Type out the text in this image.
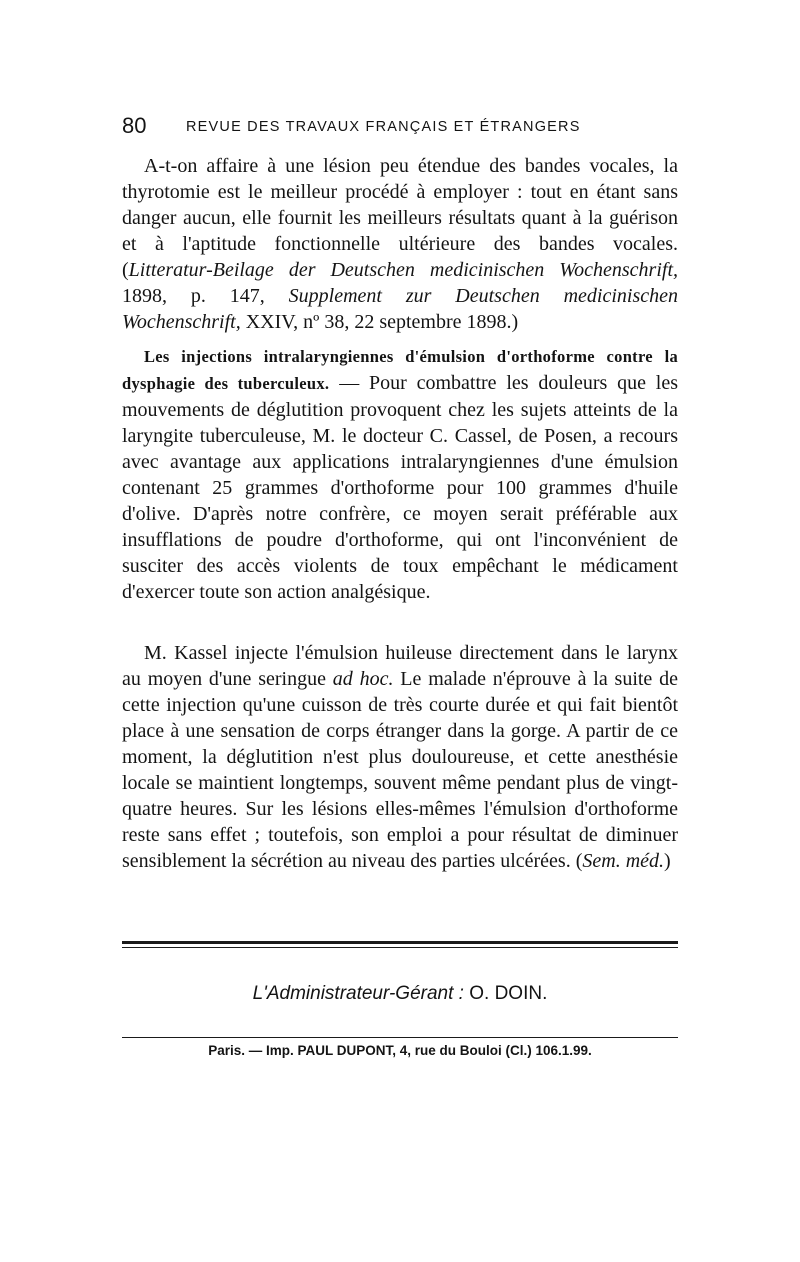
80	REVUE DES TRAVAUX FRANÇAIS ET ÉTRANGERS

A-t-on affaire à une lésion peu étendue des bandes vocales, la thyrotomie est le meilleur procédé à employer : tout en étant sans danger aucun, elle fournit les meilleurs résultats quant à la guérison et à l'aptitude fonctionnelle ultérieure des bandes vocales. (Litteratur-Beilage der Deutschen medicinischen Wochenschrift, 1898, p. 147, Supplement zur Deutschen medicinischen Wochenschrift, XXIV, nº 38, 22 septembre 1898.)

Les injections intralaryngiennes d'émulsion d'orthoforme contre la dysphagie des tuberculeux. — Pour combattre les douleurs que les mouvements de déglutition provoquent chez les sujets atteints de la laryngite tuberculeuse, M. le docteur C. Cassel, de Posen, a recours avec avantage aux applications intralaryngiennes d'une émulsion contenant 25 grammes d'orthoforme pour 100 grammes d'huile d'olive. D'après notre confrère, ce moyen serait préférable aux insufflations de poudre d'orthoforme, qui ont l'inconvénient de susciter des accès violents de toux empêchant le médicament d'exercer toute son action analgésique.

M. Kassel injecte l'émulsion huileuse directement dans le larynx au moyen d'une seringue ad hoc. Le malade n'éprouve à la suite de cette injection qu'une cuisson de très courte durée et qui fait bientôt place à une sensation de corps étranger dans la gorge. A partir de ce moment, la déglutition n'est plus douloureuse, et cette anesthésie locale se maintient longtemps, souvent même pendant plus de vingt-quatre heures. Sur les lésions elles-mêmes l'émulsion d'orthoforme reste sans effet ; toutefois, son emploi a pour résultat de diminuer sensiblement la sécrétion au niveau des parties ulcérées. (Sem. méd.)

L'Administrateur-Gérant : O. DOIN.
Paris. — Imp. PAUL DUPONT, 4, rue du Bouloi (Cl.) 106.1.99.
